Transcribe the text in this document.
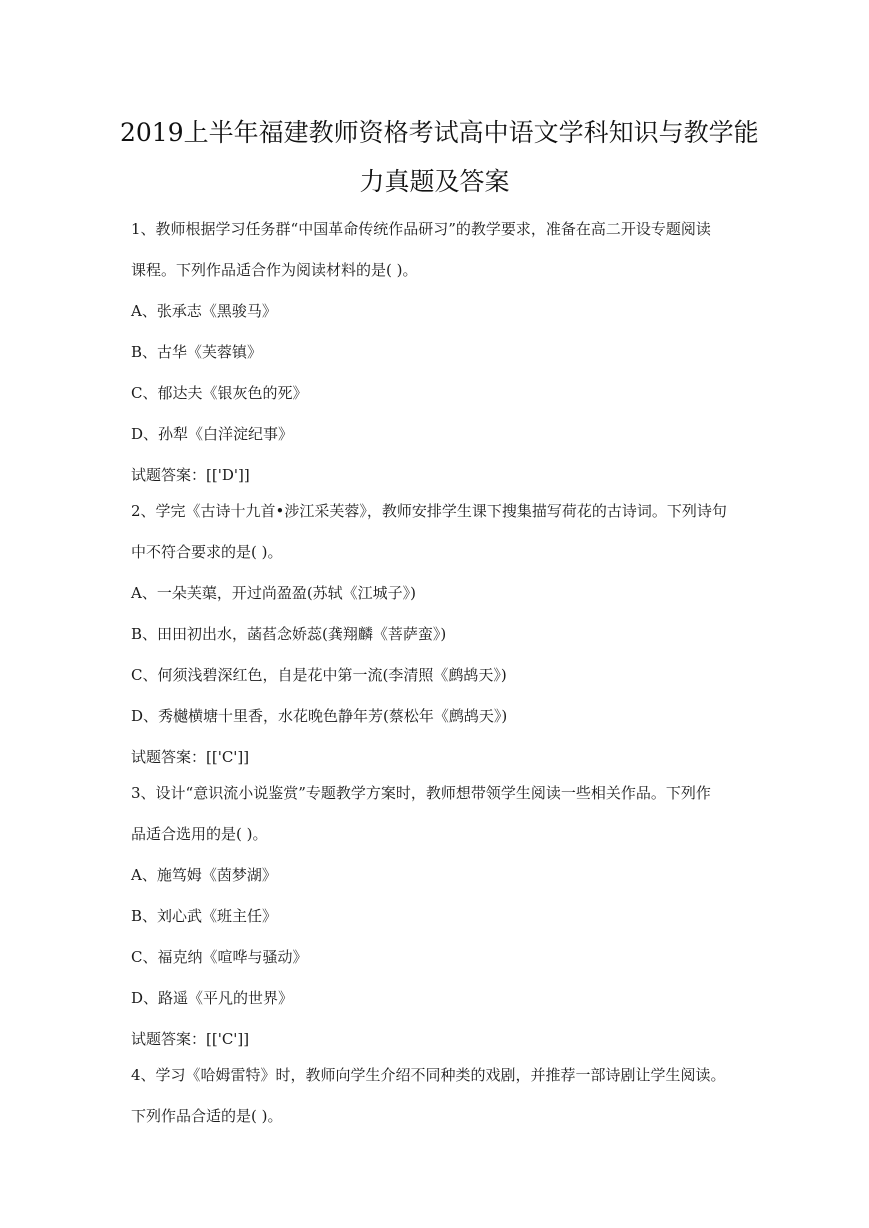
2019上半年福建教师资格考试高中语文学科知识与教学能
力真题及答案
1、教师根据学习任务群“中国革命传统作品研习”的教学要求，准备在高二开设专题阅读
课程。下列作品适合作为阅读材料的是( )。
A、张承志《黑骏马》
B、古华《芙蓉镇》
C、郁达夫《银灰色的死》
D、孙犁《白洋淀纪事》
试题答案：[['D']]
2、学完《古诗十九首•涉江采芙蓉》，教师安排学生课下搜集描写荷花的古诗词。下列诗句
中不符合要求的是( )。
A、一朵芙蕖，开过尚盈盈(苏轼《江城子》)
B、田田初出水，菡萏念娇蕊(龚翔麟《菩萨蛮》)
C、何须浅碧深红色，自是花中第一流(李清照《鹧鸪天》)
D、秀樾横塘十里香，水花晚色静年芳(蔡松年《鹧鸪天》)
试题答案：[['C']]
3、设计“意识流小说鉴赏”专题教学方案时，教师想带领学生阅读一些相关作品。下列作
品适合选用的是( )。
A、施笃姆《茵梦湖》
B、刘心武《班主任》
C、福克纳《喧哗与骚动》
D、路遥《平凡的世界》
试题答案：[['C']]
4、学习《哈姆雷特》时，教师向学生介绍不同种类的戏剧，并推荐一部诗剧让学生阅读。
下列作品合适的是( )。
